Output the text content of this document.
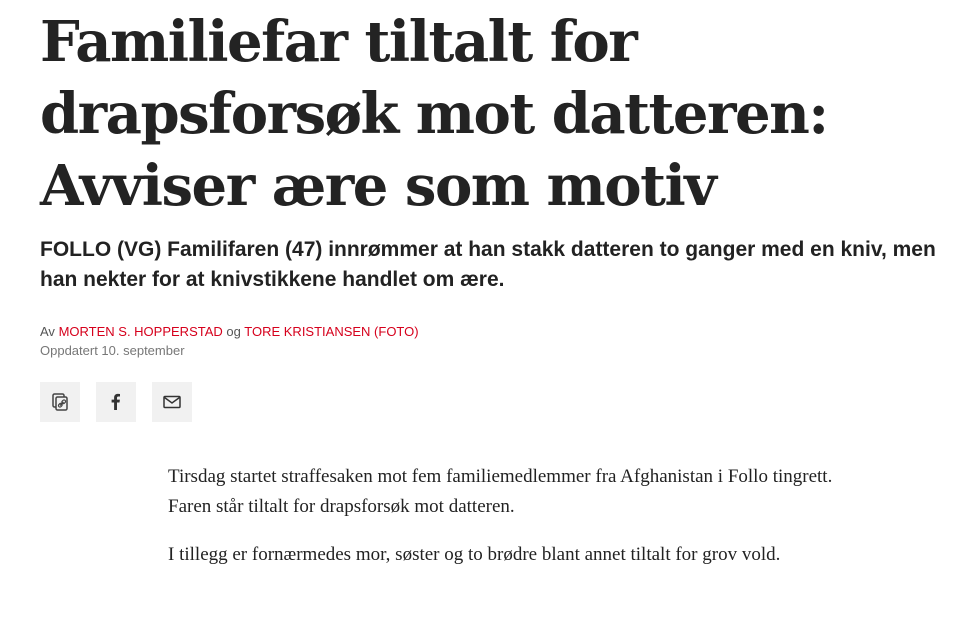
Familiefar tiltalt for drapsforsøk mot datteren: Avviser ære som motiv

FOLLO (VG) Familifaren (47) innrømmer at han stakk datteren to ganger med en kniv, men han nekter for at knivstikkene handlet om ære.

Av MORTEN S. HOPPERSTAD og TORE KRISTIANSEN (FOTO)
Oppdatert 10. september

Tirsdag startet straffesaken mot fem familiemedlemmer fra Afghanistan i Follo tingrett. Faren står tiltalt for drapsforsøk mot datteren.

I tillegg er fornærmedes mor, søster og to brødre blant annet tiltalt for grov vold.
